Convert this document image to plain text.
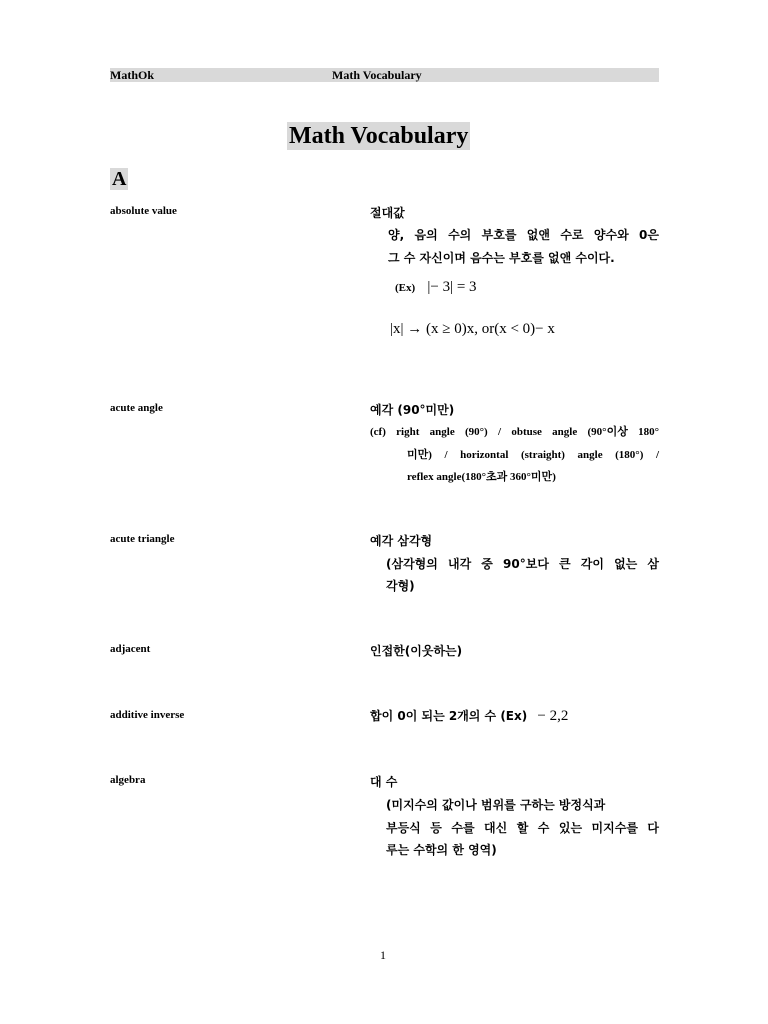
MathOk	Math Vocabulary
Math Vocabulary
A
absolute value	절대값
양, 음의 수의 부호를 없앤 수로 양수와 0은
그 수 자신이며 음수는 부호를 없앤 수이다.
(Ex) |− 3| = 3
|x| → (x ≥ 0)x, or(x < 0)− x
acute angle	예각 (90°미만)
(cf) right angle (90°) / obtuse angle (90°이상 180°
미만) / horizontal (straight) angle (180°) /
reflex angle(180°초과 360°미만)
acute triangle	예각 삼각형
(삼각형의 내각 중 90°보다 큰 각이 없는 삼
각형)
adjacent	인접한(이웃하는)
additive inverse	합이 0이 되는 2개의 수 (Ex) − 2,2
algebra	대 수
(미지수의 값이나 범위를 구하는 방정식과
부등식 등 수를 대신 할 수 있는 미지수를 다
루는 수학의 한 영역)
1
